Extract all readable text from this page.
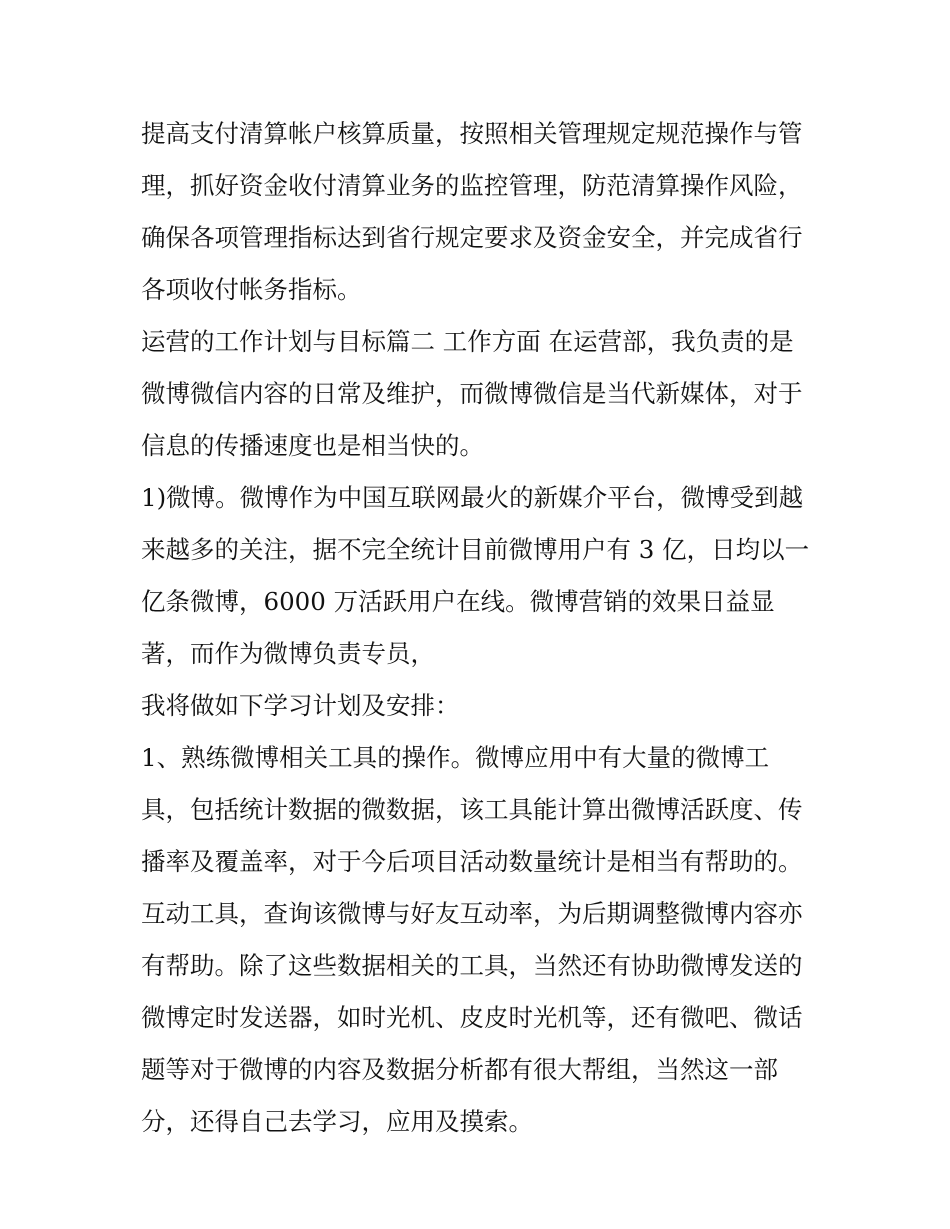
提高支付清算帐户核算质量，按照相关管理规定规范操作与管
理，抓好资金收付清算业务的监控管理，防范清算操作风险，
确保各项管理指标达到省行规定要求及资金安全，并完成省行
各项收付帐务指标。
运营的工作计划与目标篇二 工作方面 在运营部，我负责的是
微博微信内容的日常及维护，而微博微信是当代新媒体，对于
信息的传播速度也是相当快的。
1)微博。微博作为中国互联网最火的新媒介平台，微博受到越
来越多的关注，据不完全统计目前微博用户有 3 亿，日均以一
亿条微博，6000 万活跃用户在线。微博营销的效果日益显
著，而作为微博负责专员，
我将做如下学习计划及安排：
1、熟练微博相关工具的操作。微博应用中有大量的微博工
具，包括统计数据的微数据，该工具能计算出微博活跃度、传
播率及覆盖率，对于今后项目活动数量统计是相当有帮助的。
互动工具，查询该微博与好友互动率，为后期调整微博内容亦
有帮助。除了这些数据相关的工具，当然还有协助微博发送的
微博定时发送器，如时光机、皮皮时光机等，还有微吧、微话
题等对于微博的内容及数据分析都有很大帮组，当然这一部
分，还得自己去学习，应用及摸索。
